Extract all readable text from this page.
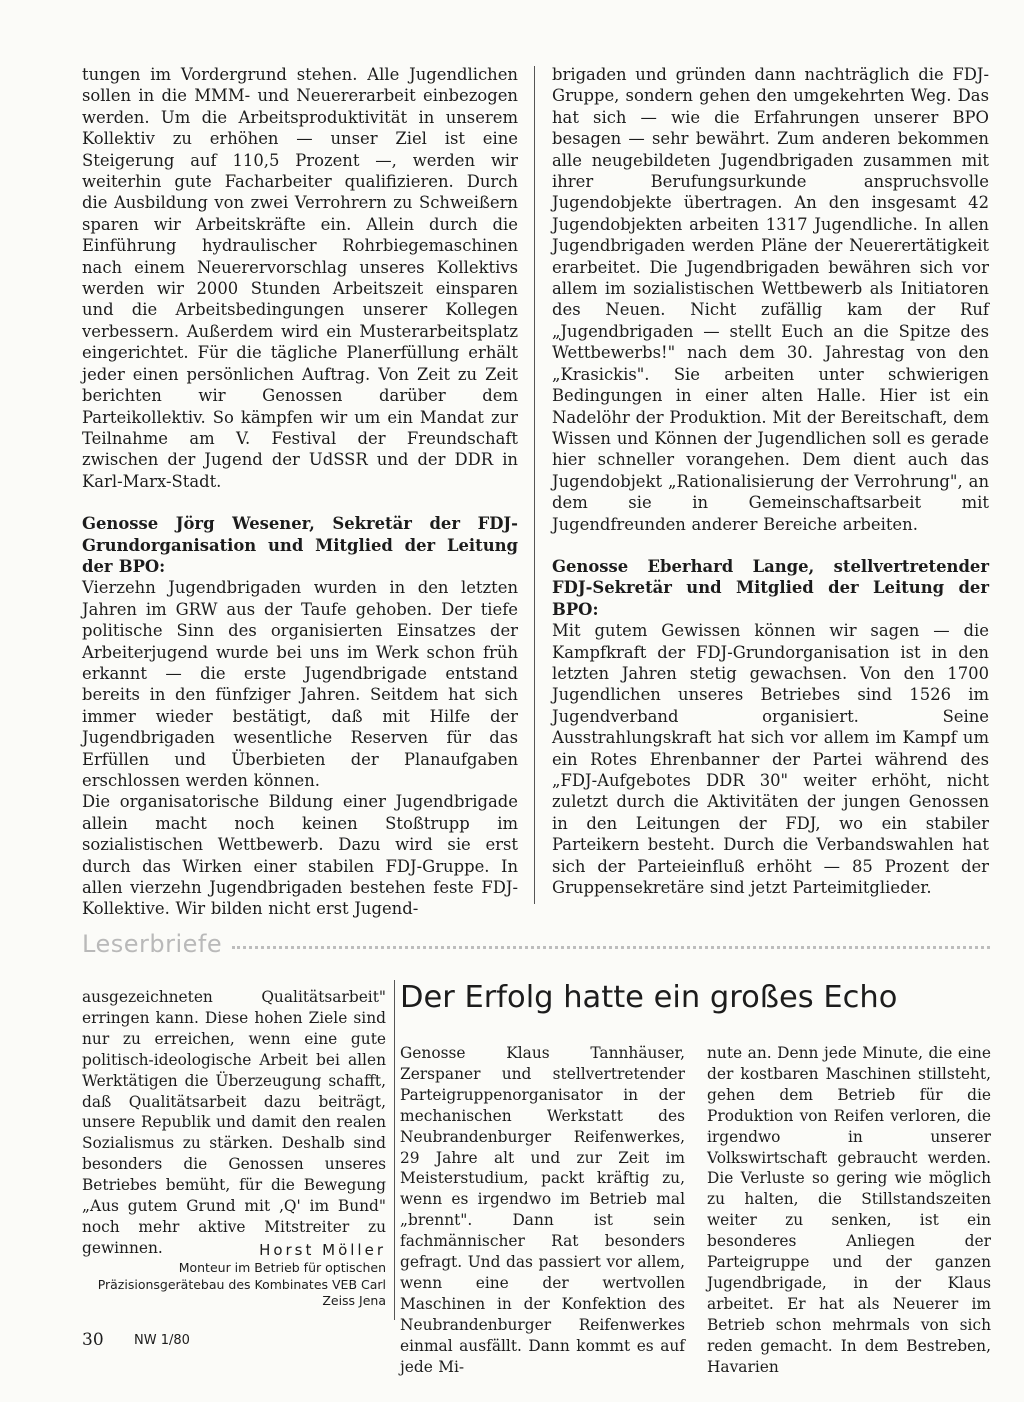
tungen im Vordergrund stehen. Alle Jugendlichen sollen in die MMM- und Neuererarbeit einbezogen werden. Um die Arbeitsproduktivität in unserem Kollektiv zu erhöhen — unser Ziel ist eine Steigerung auf 110,5 Prozent —, werden wir weiterhin gute Facharbeiter qualifizieren. Durch die Ausbildung von zwei Verrohrern zu Schweißern sparen wir Arbeitskräfte ein. Allein durch die Einführung hydraulischer Rohrbiegemaschinen nach einem Neuerervorschlag unseres Kollektivs werden wir 2000 Stunden Arbeitszeit einsparen und die Arbeitsbedingungen unserer Kollegen verbessern. Außerdem wird ein Musterarbeitsplatz eingerichtet. Für die tägliche Planerfüllung erhält jeder einen persönlichen Auftrag. Von Zeit zu Zeit berichten wir Genossen darüber dem Parteikollektiv. So kämpfen wir um ein Mandat zur Teilnahme am V. Festival der Freundschaft zwischen der Jugend der UdSSR und der DDR in Karl-Marx-Stadt.

Genosse Jörg Wesener, Sekretär der FDJ-Grundorganisation und Mitglied der Leitung der BPO:

Vierzehn Jugendbrigaden wurden in den letzten Jahren im GRW aus der Taufe gehoben. Der tiefe politische Sinn des organisierten Einsatzes der Arbeiterjugend wurde bei uns im Werk schon früh erkannt — die erste Jugendbrigade entstand bereits in den fünfziger Jahren. Seitdem hat sich immer wieder bestätigt, daß mit Hilfe der Jugendbrigaden wesentliche Reserven für das Erfüllen und Überbieten der Planaufgaben erschlossen werden können.

Die organisatorische Bildung einer Jugendbrigade allein macht noch keinen Stoßtrupp im sozialistischen Wettbewerb. Dazu wird sie erst durch das Wirken einer stabilen FDJ-Gruppe. In allen vierzehn Jugendbrigaden bestehen feste FDJ-Kollektive. Wir bilden nicht erst Jugend-

brigaden und gründen dann nachträglich die FDJ-Gruppe, sondern gehen den umgekehrten Weg. Das hat sich — wie die Erfahrungen unserer BPO besagen — sehr bewährt. Zum anderen bekommen alle neugebildeten Jugendbrigaden zusammen mit ihrer Berufungsurkunde anspruchsvolle Jugendobjekte übertragen. An den insgesamt 42 Jugendobjekten arbeiten 1317 Jugendliche. In allen Jugendbrigaden werden Pläne der Neuerertätigkeit erarbeitet. Die Jugendbrigaden bewähren sich vor allem im sozialistischen Wettbewerb als Initiatoren des Neuen. Nicht zufällig kam der Ruf „Jugendbrigaden — stellt Euch an die Spitze des Wettbewerbs!" nach dem 30. Jahrestag von den „Krasickis". Sie arbeiten unter schwierigen Bedingungen in einer alten Halle. Hier ist ein Nadelöhr der Produktion. Mit der Bereitschaft, dem Wissen und Können der Jugendlichen soll es gerade hier schneller vorangehen. Dem dient auch das Jugendobjekt „Rationalisierung der Verrohrung", an dem sie in Gemeinschaftsarbeit mit Jugendfreunden anderer Bereiche arbeiten.

Genosse Eberhard Lange, stellvertretender FDJ-Sekretär und Mitglied der Leitung der BPO:

Mit gutem Gewissen können wir sagen — die Kampfkraft der FDJ-Grundorganisation ist in den letzten Jahren stetig gewachsen. Von den 1700 Jugendlichen unseres Betriebes sind 1526 im Jugendverband organisiert. Seine Ausstrahlungskraft hat sich vor allem im Kampf um ein Rotes Ehrenbanner der Partei während des „FDJ-Aufgebotes DDR 30" weiter erhöht, nicht zuletzt durch die Aktivitäten der jungen Genossen in den Leitungen der FDJ, wo ein stabiler Parteikern besteht. Durch die Verbandswahlen hat sich der Parteieinfluß erhöht — 85 Prozent der Gruppensekretäre sind jetzt Parteimitglieder.

Leserbriefe

ausgezeichneten Qualitätsarbeit" erringen kann. Diese hohen Ziele sind nur zu erreichen, wenn eine gute politisch-ideologische Arbeit bei allen Werktätigen die Überzeugung schafft, daß Qualitätsarbeit dazu beiträgt, unsere Republik und damit den realen Sozialismus zu stärken. Deshalb sind besonders die Genossen unseres Betriebes bemüht, für die Bewegung „Aus gutem Grund mit ‚Q' im Bund" noch mehr aktive Mitstreiter zu gewinnen.	Horst Möller
Monteur im Betrieb für optischen Präzisionsgerätebau des Kombinates VEB Carl Zeiss Jena
Der Erfolg hatte ein großes Echo

Genosse Klaus Tannhäuser, Zerspaner und stellvertretender Parteigruppenorganisator in der mechanischen Werkstatt des Neubrandenburger Reifenwerkes, 29 Jahre alt und zur Zeit im Meisterstudium, packt kräftig zu, wenn es irgendwo im Betrieb mal „brennt". Dann ist sein fachmännischer Rat besonders gefragt. Und das passiert vor allem, wenn eine der wertvollen Maschinen in der Konfektion des Neubrandenburger Reifenwerkes einmal ausfällt. Dann kommt es auf jede Mi-

nute an. Denn jede Minute, die eine der kostbaren Maschinen stillsteht, gehen dem Betrieb für die Produktion von Reifen verloren, die irgendwo in unserer Volkswirtschaft gebraucht werden. Die Verluste so gering wie möglich zu halten, die Stillstandszeiten weiter zu senken, ist ein besonderes Anliegen der Parteigruppe und der ganzen Jugendbrigade, in der Klaus arbeitet. Er hat als Neuerer im Betrieb schon mehrmals von sich reden gemacht. In dem Bestreben, Havarien

30 NW 1/80
